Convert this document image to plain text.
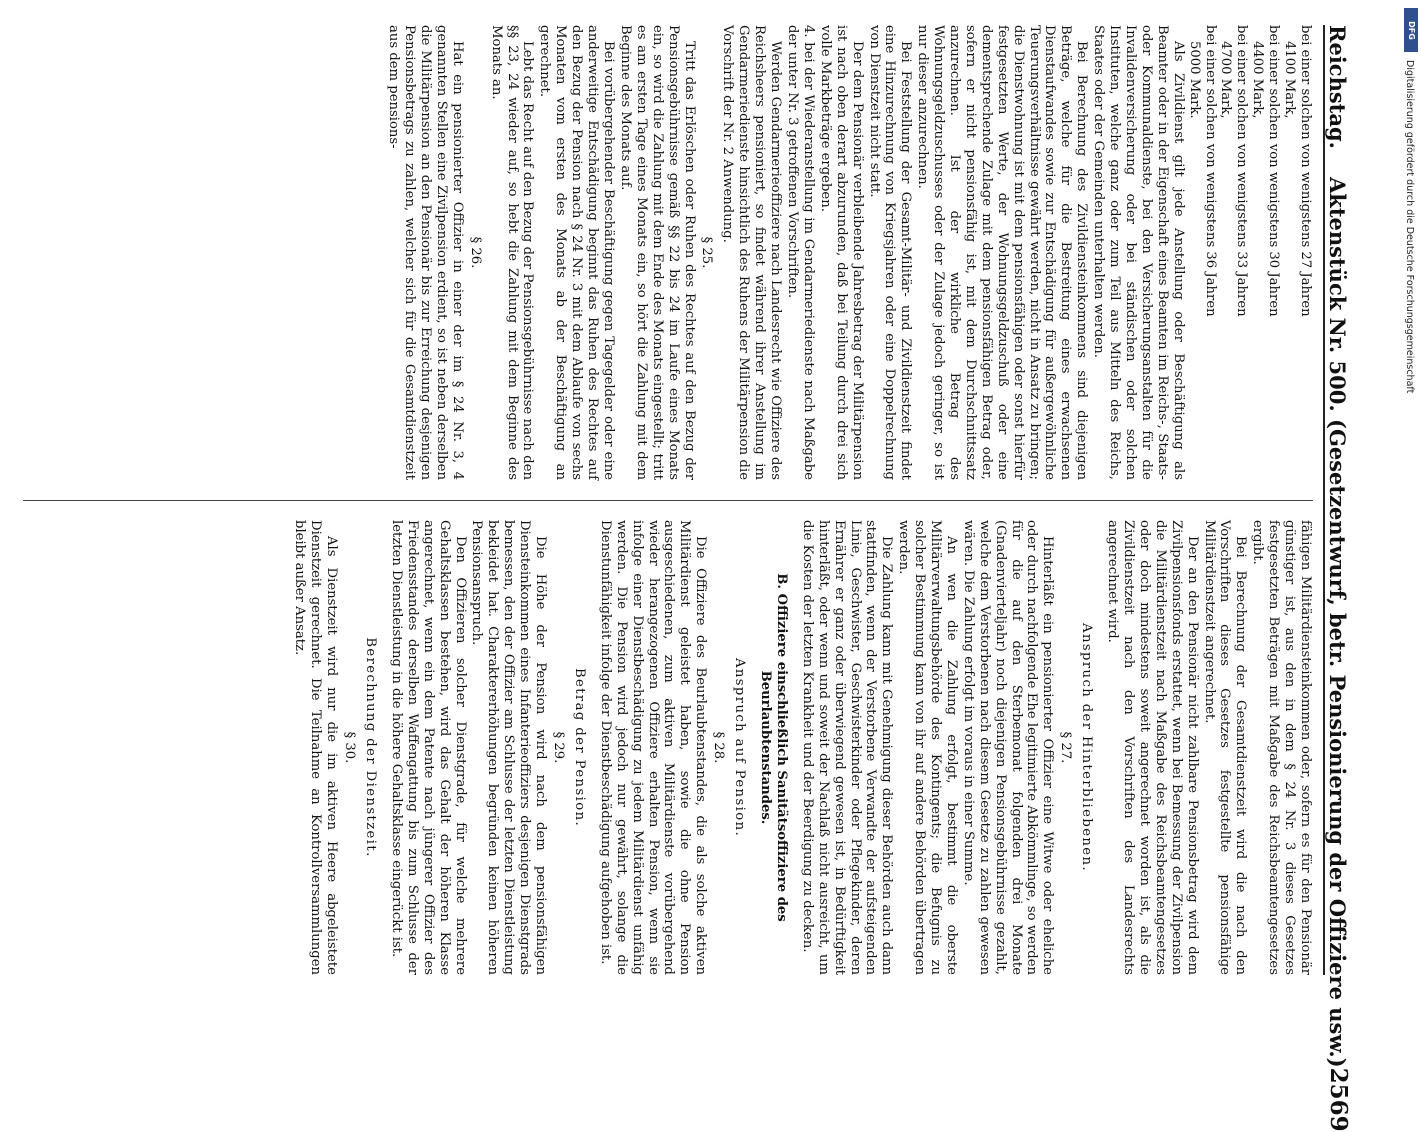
DFG
Digitalisierung gefördert durch die Deutsche Forschungsgemeinschaft
Reichstag.
Aktenstück Nr. 500. (Gesetzentwurf, betr. Pensionierung der Offiziere usw.)
2569
bei einer solchen von wenigstens 27 Jahren
4100 Mark,
bei einer solchen von wenigstens 30 Jahren
4400 Mark,
bei einer solchen von wenigstens 33 Jahren
4700 Mark,
bei einer solchen von wenigstens 36 Jahren
5000 Mark.

Als Zivildienst gilt jede Anstellung oder Beschäftigung als Beamter oder in der Eigenschaft eines Beamten im Reichs-, Staats- oder Kommunaldienste, bei den Versicherungsanstalten für die Invalidenversicherung oder bei ständischen oder solchen Instituten, welche ganz oder zum Teil aus Mitteln des Reichs, Staates oder der Gemeinden unterhalten werden.

Bei Berechnung des Zivildiensteinkommens sind diejenigen Beträge, welche für die Bestreitung eines erwachsenen Dienstaufwandes sowie zur Entschädigung für außergewöhnliche Teuerungsverhältnisse gewährt werden, nicht in Ansatz zu bringen; die Dienstwohnung ist mit dem pensionsfähigen oder sonst hierfür festgesetzten Werte, der Wohnungsgeldzuschuß oder eine dementsprechende Zulage mit dem pensionsfähigen Betrag oder, sofern er nicht pensionsfähig ist, mit dem Durchschnittssatz anzurechnen. Ist der wirkliche Betrag des Wohnungsgeldzuschusses oder der Zulage jedoch geringer, so ist nur dieser anzurechnen.

Bei Feststellung der Gesamt-Militär- und Zivildienstzeit findet eine Hinzurechnung von Kriegsjahren oder eine Doppelrechnung von Dienstzeit nicht statt.

Der dem Pensionär verbleibende Jahresbetrag der Militärpension ist nach oben derart abzurunden, daß bei Teilung durch drei sich volle Markbeträge ergeben.

4. bei der Wiederanstellung im Gendarmeriedienste nach Maßgabe der unter Nr. 3 getroffenen Vorschriften.

Werden Gendarmerieoffiziere nach Landesrecht wie Offiziere des Reichsheers pensioniert, so findet während ihrer Anstellung im Gendarmeriedienste hinsichtlich des Ruhens der Militärpension die Vorschrift der Nr. 2 Anwendung.

§ 25.

Tritt das Erlöschen oder Ruhen des Rechtes auf den Bezug der Pensionsgebührnisse gemäß §§ 22 bis 24 im Laufe eines Monats ein, so wird die Zahlung mit dem Ende des Monats eingestellt; tritt es am ersten Tage eines Monats ein, so hört die Zahlung mit dem Beginne des Monats auf.

Bei vorübergehender Beschäftigung gegen Tagegelder oder eine anderweitige Entschädigung beginnt das Ruhen des Rechtes auf den Bezug der Pension nach § 24 Nr. 3 mit dem Ablaufe von sechs Monaten vom ersten des Monats ab der Beschäftigung an gerechnet.

Lebt das Recht auf den Bezug der Pensionsgebührnisse nach den §§ 23, 24 wieder auf, so hebt die Zahlung mit dem Beginne des Monats an.

§ 26.

Hat ein pensionierter Offizier in einer der im § 24 Nr. 3, 4 genannten Stellen eine Zivilpension erdient, so ist neben derselben die Militärpension an den Pensionär bis zur Erreichung desjenigen Pensionsbetrags zu zahlen, welcher sich für die Gesamtdienstzeit aus dem pensions-

fähigen Militärdiensteinkommen oder, sofern es für den Pensionär günstiger ist, aus den in dem § 24 Nr. 3 dieses Gesetzes festgesetzten Beträgen mit Maßgabe des Reichsbeamtengesetzes ergibt.

Bei Berechnung der Gesamtdienstzeit wird die nach den Vorschriften dieses Gesetzes festgestellte pensionsfähige Militärdienstzeit angerechnet.

Der an den Pensionär nicht zahlbare Pensionsbetrag wird dem Zivilpensionsfonds erstattet, wenn bei Bemessung der Zivilpension die Militärdienstzeit nach Maßgabe des Reichsbeamtengesetzes oder doch mindestens soweit angerechnet worden ist, als die Zivildienstzeit nach den Vorschriften des Landesrechts angerechnet wird.

Anspruch der Hinterbliebenen.
§ 27.

Hinterläßt ein pensionierter Offizier eine Witwe oder eheliche oder durch nachfolgende Ehe legitimierte Abkömmlinge, so werden für die auf den Sterbemonat folgenden drei Monate (Gnadenvierteljahr) noch diejenigen Pensionsgebührnisse gezahlt, welche dem Verstorbenen nach diesem Gesetze zu zahlen gewesen wären. Die Zahlung erfolgt im voraus in einer Summe.

An wen die Zahlung erfolgt, bestimmt die oberste Militärverwaltungsbehörde des Kontingents; die Befugnis zu solcher Bestimmung kann von ihr auf andere Behörden übertragen werden.

Die Zahlung kann mit Genehmigung dieser Behörden auch dann stattfinden, wenn der Verstorbene Verwandte der aufsteigenden Linie, Geschwister, Geschwisterkinder oder Pflegekinder, deren Ernährer er ganz oder überwiegend gewesen ist, in Bedürftigkeit hinterläßt, oder wenn und soweit der Nachlaß nicht ausreicht, um die Kosten der letzten Krankheit und der Beerdigung zu decken.

B. Offiziere einschließlich Sanitätsoffiziere des Beurlaubtenstandes.
Anspruch auf Pension.
§ 28.

Die Offiziere des Beurlaubtenstandes, die als solche aktiven Militärdienst geleistet haben, sowie die ohne Pension ausgeschiedenen, zum aktiven Militärdienste vorübergehend wieder herangezogenen Offiziere erhalten Pension, wenn sie infolge einer Dienstbeschädigung zu jedem Militärdienst unfähig werden. Die Pension wird jedoch nur gewährt, solange die Dienstunfähigkeit infolge der Dienstbeschädigung aufgehoben ist.

Betrag der Pension.
§ 29.

Die Höhe der Pension wird nach dem pensionsfähigen Diensteinkommen eines Infanterieoffiziers desjenigen Dienstgrads bemessen, den der Offizier am Schlusse der letzten Dienstleistung bekleidet hat. Charaktererhöhungen begründen keinen höheren Pensionsanspruch.

Den Offizieren solcher Dienstgrade, für welche mehrere Gehaltsklassen bestehen, wird das Gehalt der höheren Klasse angerechnet, wenn ein dem Patente nach jüngerer Offizier des Friedensstandes derselben Waffengattung bis zum Schlusse der letzten Dienstleistung in die höhere Gehaltsklasse eingerückt ist.

Berechnung der Dienstzeit.
§ 30.

Als Dienstzeit wird nur die im aktiven Heere abgeleistete Dienstzeit gerechnet. Die Teilnahme an Kontrollversammlungen bleibt außer Ansatz.
